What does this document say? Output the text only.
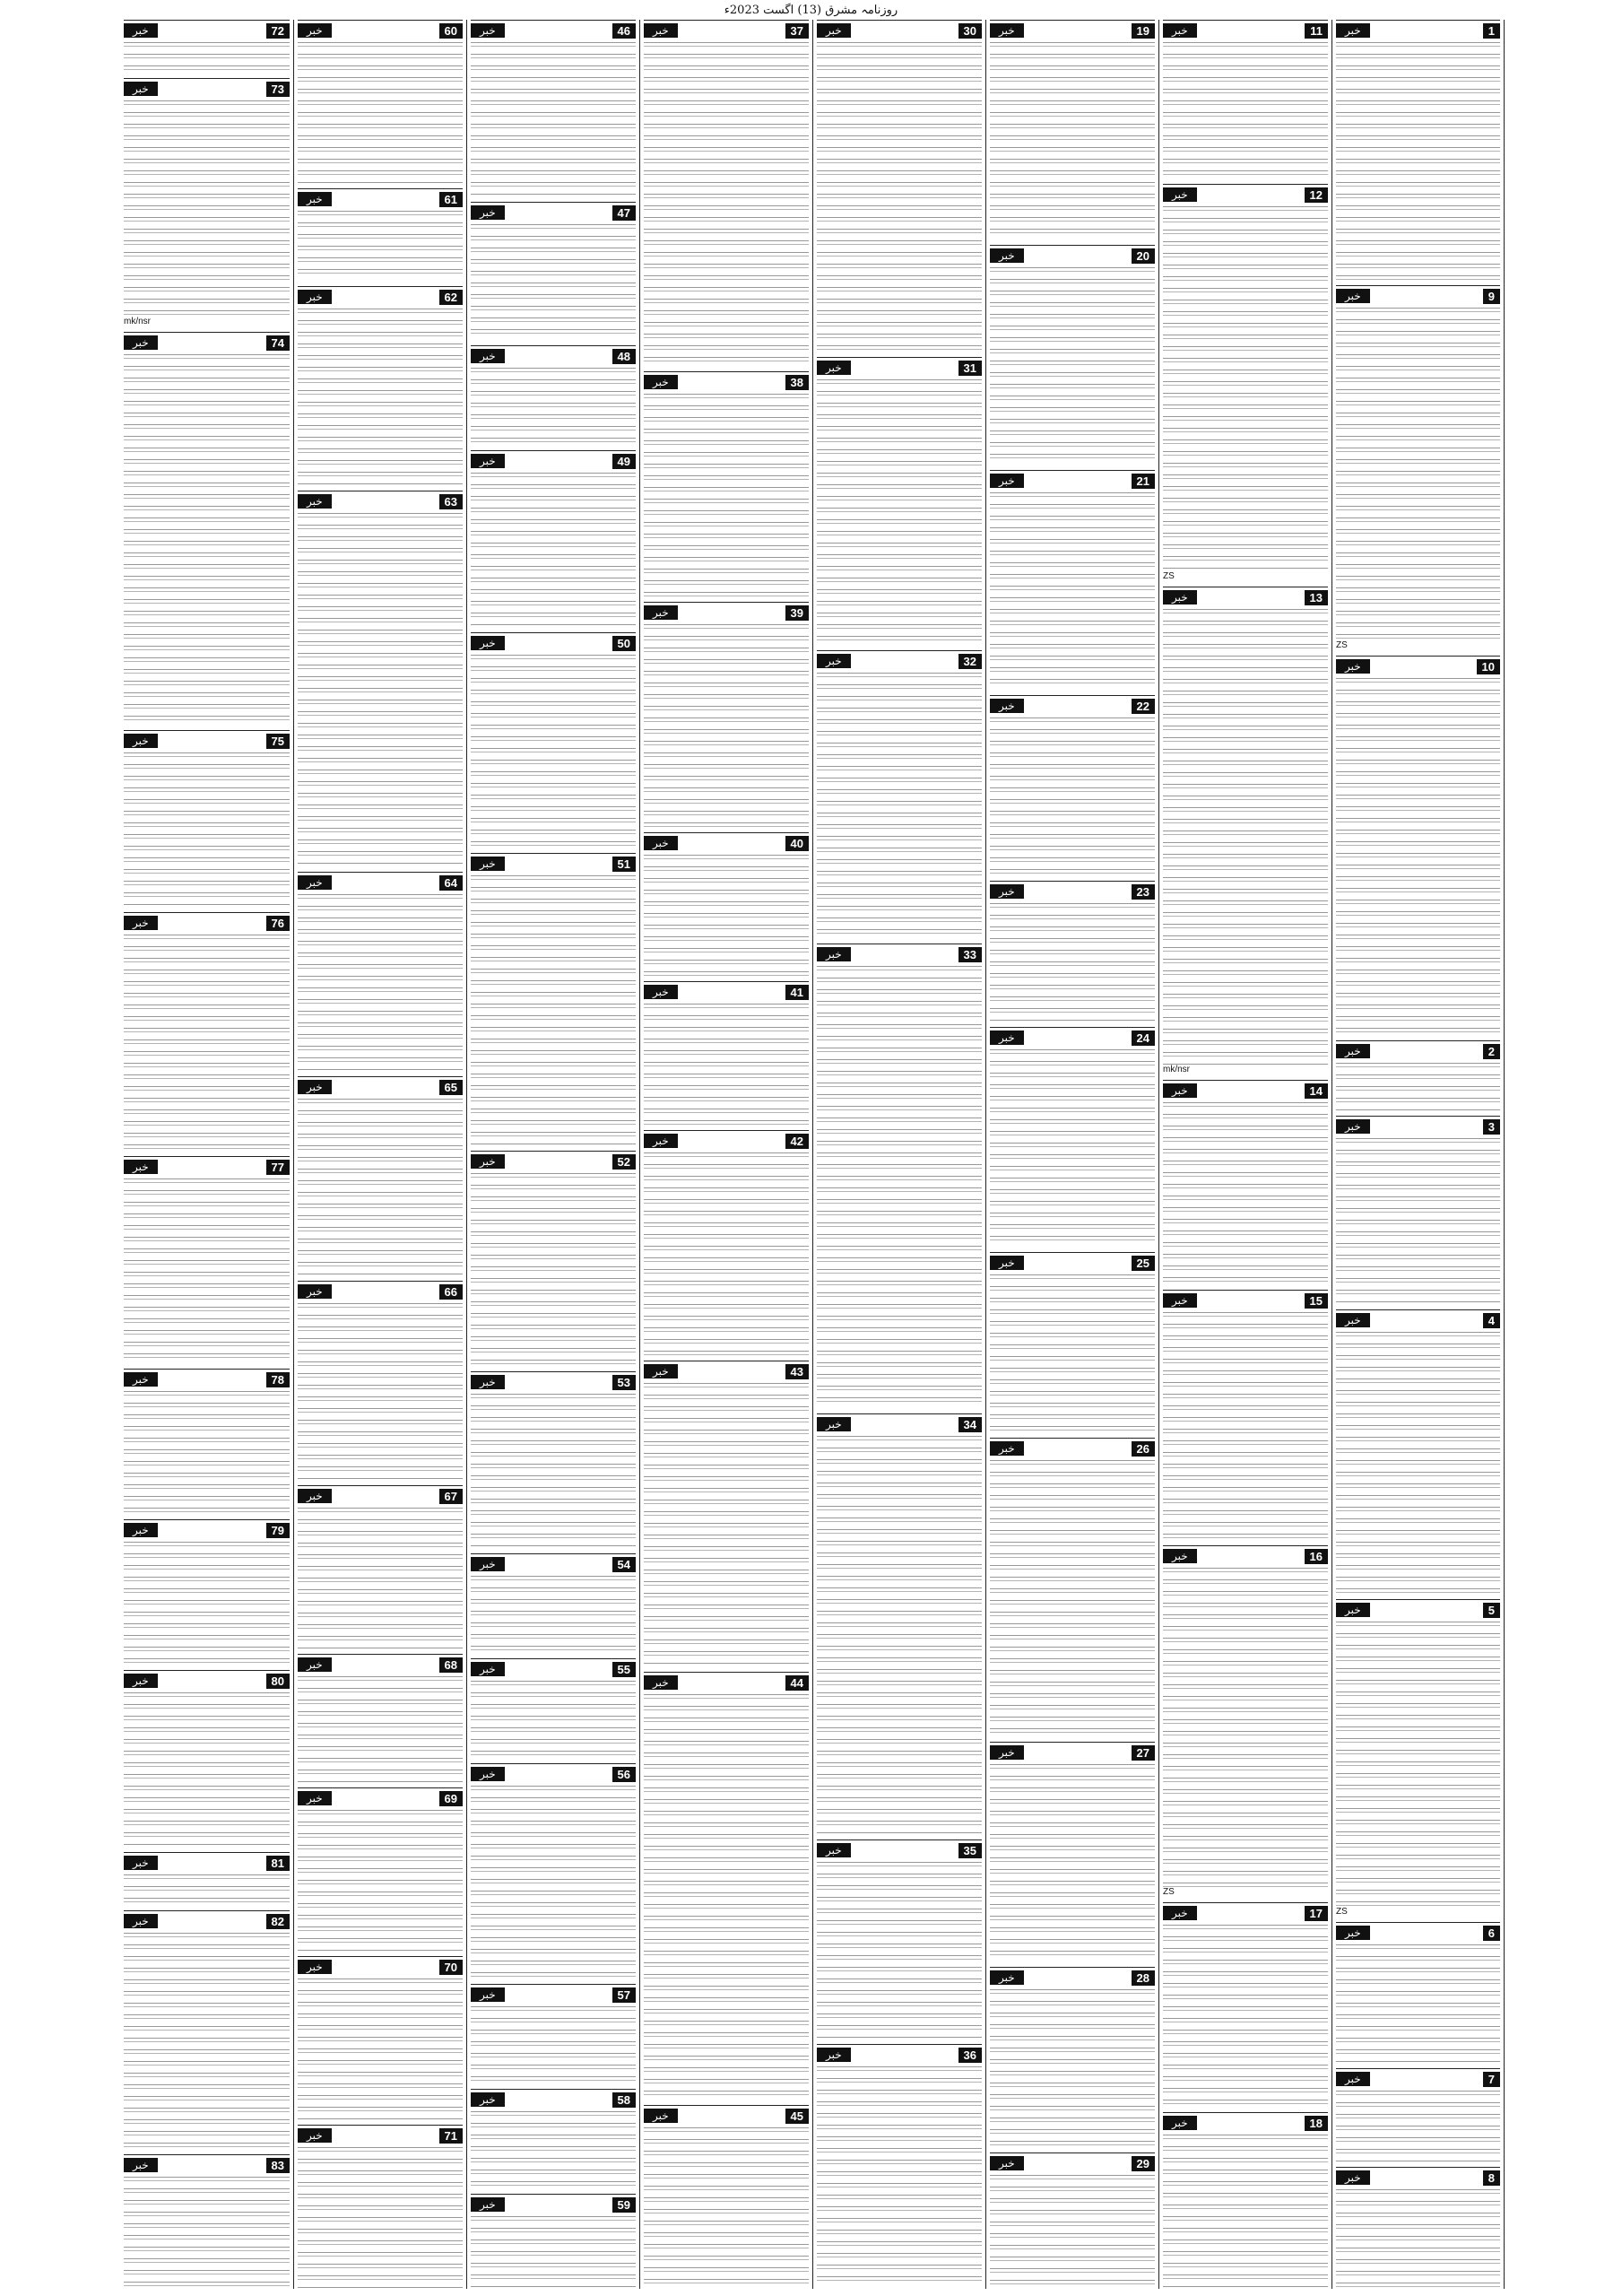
روزنامہ مشرق (13) اگست 2023ء
خبر	1
خبر	9
ZS
خبر	10
خبر	2
خبر	3
خبر	4
خبر	5
ZS
خبر	6
خبر	7
خبر	8
خبر	11
خبر	12
ZS
خبر	13
mk/nsr
خبر	14
خبر	15
خبر	16
ZS
خبر	17
خبر	18
خبر	19
خبر	20
خبر	21
خبر	22
خبر	23
خبر	24
خبر	25
خبر	26
خبر	27
خبر	28
خبر	29
خبر	30
خبر	31
خبر	32
خبر	33
خبر	34
خبر	35
خبر	36
خبر	37
خبر	38
خبر	39
خبر	40
خبر	41
خبر	42
خبر	43
خبر	44
خبر	45
خبر	46
خبر	47
خبر	48
خبر	49
خبر	50
خبر	51
خبر	52
خبر	53
خبر	54
خبر	55
خبر	56
خبر	57
خبر	58
خبر	59
خبر	60
خبر	61
خبر	62
خبر	63
خبر	64
خبر	65
خبر	66
خبر	67
خبر	68
خبر	69
خبر	70
خبر	71
خبر	72
خبر	73
mk/nsr
خبر	74
خبر	75
خبر	76
خبر	77
خبر	78
خبر	79
خبر	80
خبر	81
خبر	82
خبر	83
